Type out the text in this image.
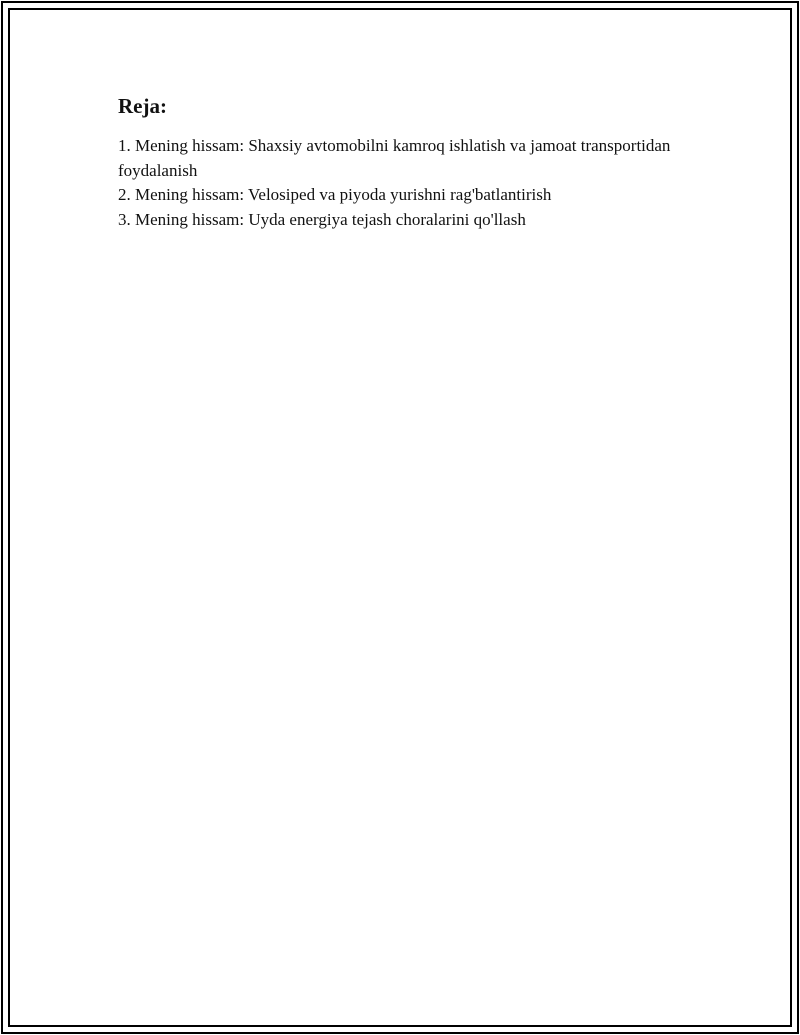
Reja:
1. Mening hissam: Shaxsiy avtomobilni kamroq ishlatish va jamoat transportidan foydalanish
2. Mening hissam: Velosiped va piyoda yurishni rag'batlantirish
3. Mening hissam: Uyda energiya tejash choralarini qo'llash
